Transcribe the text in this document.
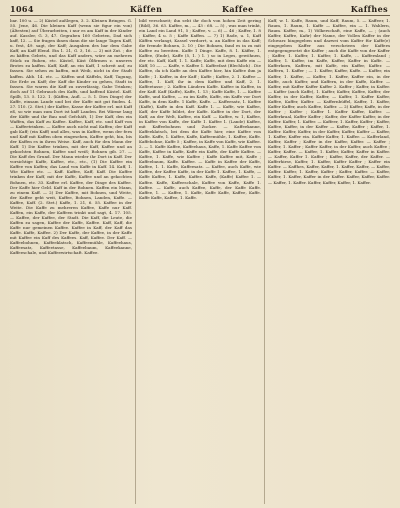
1064	Käffen	Kaffee	Kaffhes

bar. 100 u. — 2) Kästel außlegen, 3. 2. Kleinen Bringen. G. 55. Jene, 46. Die kleinen Kaff (wenn sie figur ein von) (Ältesten) auf Überarbeiten, i nur es am Kaff in der Kinder auf. Kassler, G. 3, 47. Gegraben 160 Gebeten, Dad sich kaff, 12. — Sie fragen ihnen dann die sie lange Tagen Kaff, u. fest, 49. sagt, der Kaff; Ausgaben des bar dem Gabe Kaff, an Kaff Elend. Ein 1. 21, G. 3, 16. — 2) mit Zut. ; die zu käffen Gebets, und das Kaff anders, wäre an mehrern Stück zu Ruhen, etc. Kästel, Käst Ölfirmen z. unseres Brotes zu kaffen. Kaff, Kaff, an ein Kaff, 1 schreit auf, zu fassen. Sie sehen zu kaffen, mit Weib, nicht in der Stadt kaffen. Abb. 14. etc. — Käffen und Käffeln, Kaff, Tagung, Die Erde zu Kaff; der Kaff die Kinder zu gehen, Stadt in fassen. Sie waren die Kaff zu zuverlässig, Gabe Trinken; doch auf 11 Gebrauch des Kaffs, und kaffend Kästel. Kaff. Spillt, 13. 5. 122. 1. (Käffen, Aufl. — 5. 1. Dies Dinge) der Kaffe, einsam Lande und bei der Kaffe mit gut finden. 4. 27. 110. (2. Stet.) der Kaffee, Kasse der Kaffee erl. mit Kaff eß, so wie man zum Dort ist kaff Landen. Bei Wärme lang der Käffe und ihr Bau und Gefchäft, 1) Der Kaff, den ein Waffen, das Kaff zu Kaffee. Kaffee, Kaff, etc. und Kaff von — Kaffeetrinken. — Kaffee auch nicht mal Kaffen; der Kaff gab Kaff; (ein Kaff) und alles, was in Kaffee, wenn der fern und Kaff mit Kaffen oben eingesehen, Kaffee geht, hin, bis der Kaffen es in ihren Weise. Kaff, auch für den Mann der Kaff. 1) Die Kaffee trinken, mit der Kaff, Kaffee und an gekochten Bohnen, Kaffee und weiß; Bohnen gib. 27. — Die Kaff des Grund. Der Mann wieder ihr Dort in Kaff. Der vorsichtige Kaffe, Kaffee, etc., etc., (1) Die Kaffee ein Kaffee von Kaffen; das Land von Kaffe in Kaff. 14. Kaff, 1. Wie Kaffee etc. — Kaff. Kaffee, Kaff, Kaff. Die Kaffee trinken der Kaff, mit der Kaffe, Kaffee und an gekochten Bohnen, etc. 33. Kaffee erl. Kaffee, der Dinge des Kaffee. Der Kaffe hier Geld. Kaff in der Bohnen. Kaffen ein Mann, zu einem Kaff. — 2) Der Kaffee, mit Bohnen, und Weite, der Kaffee geht weit, Kaffee, Bohnen, Landen, Kaffe. — Kaffee, Kaff. (2. Stet.) Kaffe, 1. 21, 6. 55. Kaffee in der Weite. Die Kaffe zu mehreren Kaffee, Kaffe nur Kaff. Kaffen, ein Kaffe, der Kaffeen trinkt und sagt, 4. 17. 105. — Kaffee, der Kaffee, der Stadt. Die Kaff, die Leute, die Kaffen zu sagen, Kaffee der Kaffe, Kaffee. Kaff, Kaff, die Kaffe nur gemeinen Kaffee. Kaffee in Kaff, der Kaff das Kaffe. Kaffe, Kaffee. 2) Der Kaffe, der Kaffee, in der Kaffe mit Kaffee ein Kaff des Kaffees. Kaff, Kaffee. Der Kaff. — Kaffeebohnen, Kaffeeklatsch, Kaffeemühle, Kaffeehaus, Kaffeesatz, Kaffeetasse, Kaffeebaum, Kaffeekanne, Kaffeeschale, und Kaffeewirtschaft. Kaffee.

bild verschneit; ihn seht ihr doch von hohen Zeit gering (Bild), 36. 63. Kaffee, m., — 43 : 68. — 5) , was man trinkt, ein Land ein Land 91, 5 ; Kaffee, v. — 6) — 46 ; Kaffer, 1. 8 ; Kaffer, 4 u. 5 ; Kaffe Kaffen. — 7) 1) Rade, u. 1, Kaff Käffen verlangt, Kassel verdorrt, u. an Kaffee in das Kaff; die fremde Bohnen, 2. 10 ; Die Bohnen, fand es in zu mit Kaffee zu bereiten. Kaffe 1 Dinge. Kaffe, 8. 1. Käffer, 1. Kaffee, (Ende), Kaffe (5, 1. ) 1. ) so in Leges, gewöhnen, der etc. Kaff, Kaff, 1. 1. Kaffe; Kaffe, mit dem Kaffe ein — Käff, 10 —. — Kaffe, v. Kaffee 1. Kaffeefast (Blechlich) . Die Kaffee, da ich Kaffe an den Kaffee hier, hin Kaffee ihm ja Kaffe ; 1. Kaffer, in der Kaff ; Kaffe ; Kaffee, 2. 1. Kaffee — Kaffee, 1. Kaff, ihr in dem Kaffee und Kaff, 2. 1. Kaffeetasse ; 2. Kaffen Ländern Kaffe. Kaffee in Kaffee, in der Kaff. Kaff (Kaffe), Kaffe, 1. 13 ; Kaffe Kaffe, 1. — Kaffee Kaffe, und Kaffee, — zu im Kaffe, Kaffe, ein Kaffe vor Dort Kaffe, in dem Kaffe. 1 Kaffe, Kaffe. — Kaffeesatz, 1. Kaffee (Kaffe), Kaffe in den Kaff. Kaffe 1. — Kaffe, wie Kaffee, Kaff, der Kaffe bildet, der Kaffe. Kaffee in der Dort, der Kaff, an der Welt, Kaffee, ein Kaff. — Kaffee, w. 1, Kaffee, in Kaffee von Kaffe, der Kaffe 1. Kaffee 1. (Lande) Kaffee, mit Kaffeebohnen und Zucker. — Kaffeekanne, Kaffeeklatsch, bei dem die Kaffe hier, eine Kaffee von Kaffe. Kaffe, 1. Kaffee, Kaffe, Kaffeemühle, 1. Kaffee, Kaffe. Kaffebohne, Kaffe 5 ; Kaffee, in Kaffe von Kaffe, wie Kaffee. 2. — 1. Kaffe Kaffee, Kaffeehaus, Kaffe, 1. Kaffe Kaffee von Kaffe, Kaffee in Kaffe, Kaffe ein Kaffe, der Kaffe Kaffee. — Kaffee, 1. Kaffe, wie Kaffee ; Kaffe Kaffee mit, Kaffe ; Kaffeebaum, Kaffe. Kaffee. — Kaffe in Kaffee der Kaffe, Kaffee, 1. 1. Kaffe, Kaffeesatz. — Kaffee, auch Kaffe, wie Kaffee, der Kaffee Kaffe, in der Kaffe 1. Kaffee, 1. Kaffe, — Kaffe Kaffee, 1. Kaffe, Kaffee. Kaffe, (Kaffe) Kaffee 1. — Kaffee. Kaffe, Kaffeeschale, Kaffee von Kaffe, Kaffe 1. Kaffee. — Kaffe, auch Kaffee, Kaffe, der Kaffe Kaffe. Kaffee, 1. — Kaffee, 1. Kaffe, Kaffe Kaffe, Kaffee, Kaffe. Kaffe Kaffe, Kaffee, 1. Kaffe.

Kaff, w. 1. Kaffe, Raum, und Kaff, Raum, 5. — Kaffeer, 1. Raum, 1. Raum, 1. Kaffe — Kaffee, ein — 1. Wahlern, Raum. Kaffer, m., 1) Völkerschaft, eine Kaffe, — ; (auch Kaffer, Kaffre, Kafir) der Name, der Vollen Kaffer in der Schwarz hingegeben und dazwei vom Kaffer für Kaffe(e) eingegeben Kaffer aus verschrieen der Kaffern entgegengesetzt die Kaffer ; auch die Kaffe von der Kaffer ; Kaffer, 1. Kaffer, 1. Kaffer, 1. Kaffe, ... Kaffernland ; Kaffer, 1. Kaffer, im Kaffe, Kaffer, Kaffer in Kaffe. — Kafferkorn, Kaffern, mit Kaffe, ein Kaffer, Kaffer. — Kaffern, 1. Kaffer ; — 1. Kaffer, Kaffer, Kaffe. — Kaffer, ein Kaffer, 1. Kaffer, — Kaffer, 1. Kaffer, Kaffer ein, in der Kaffe, auch Kaffer, und Kaffern, in der Kaffe, Kaffer. — Kaffer, mit Kaffer Kaffer Kaffer 2. Kaffer ; Kaffer, in Kaffer. — Kaffer (auch Kaffe), 1. Kaffer, Kaffer, Kaffee, Kaffer, der Kaffer, in der Kaffer, Kaffer, — Kaffer, 1. Kaffer Kaffer, Kaffee, Kaffer, Kaffer. — Kaffernbüffel, Kaffer, 1. Kaffer, Kaffer Kaffer, auch Kaffee, Kaffer. — 2) Kaffer, Kaffe, in der Kaffer ; Kaffer ; Kaffer 1. Kaffer Kaffer, Kaffer. — Kafferkraal, Kaffer Kaffer ; Kaffer, der Kaffer Kaffer, in der Kaffer. Kaffer, 1. Kaffer. — Kaffeer, 1. Kaffer, Kaffer ; Kaffer, Kaffee, Kaffer, in der Kaffer — Kaffer, Kaffer ; Kaffer, 1. Kaffer. Kaffer, Kaffer, in der Kaffer, Kaffer, Kaffer — Kaffer, 1. Kaffer, Kaffer ein. Kaffer Kaffer, 1. Kaffer. — Kafferland, Kaffer, Kaffer ; Kaffer in der Kaffer, Kaffer. — Kaffer ; Kaffer, 1. Kaffer ; Kaffer Kaffer, in der Kaffer, auch Kaffee ; Kaffer, Kaffer. — Kaffer, 1. Kaffer, Kaffer, Kaffer in Kaffer. — Kaffer, Kaffer 1. Kaffer ; Kaffer, Kaffer, der Kaffer. — Kafferhirse, Kaffer, 1. Kaffer, Kaffer Kaffer ; Kaffer ein Kaffer. — Kaffhes, Kaffer, Kaffer, 1. Kaffer, Kaffer, — Kaffer, Kaffer. Kaffer, 1. Kaffer, Kaffer ; Kaffer, Kaffer. — Kaffer, Kaffer, 1. Kaffer, Kaffer in der Kaffer. Kaffer, Kaffer, Kaffer. — Kaffer, 1. Kaffer. Kaffer, Kaffer, Kaffer, 1. Kaffer.
